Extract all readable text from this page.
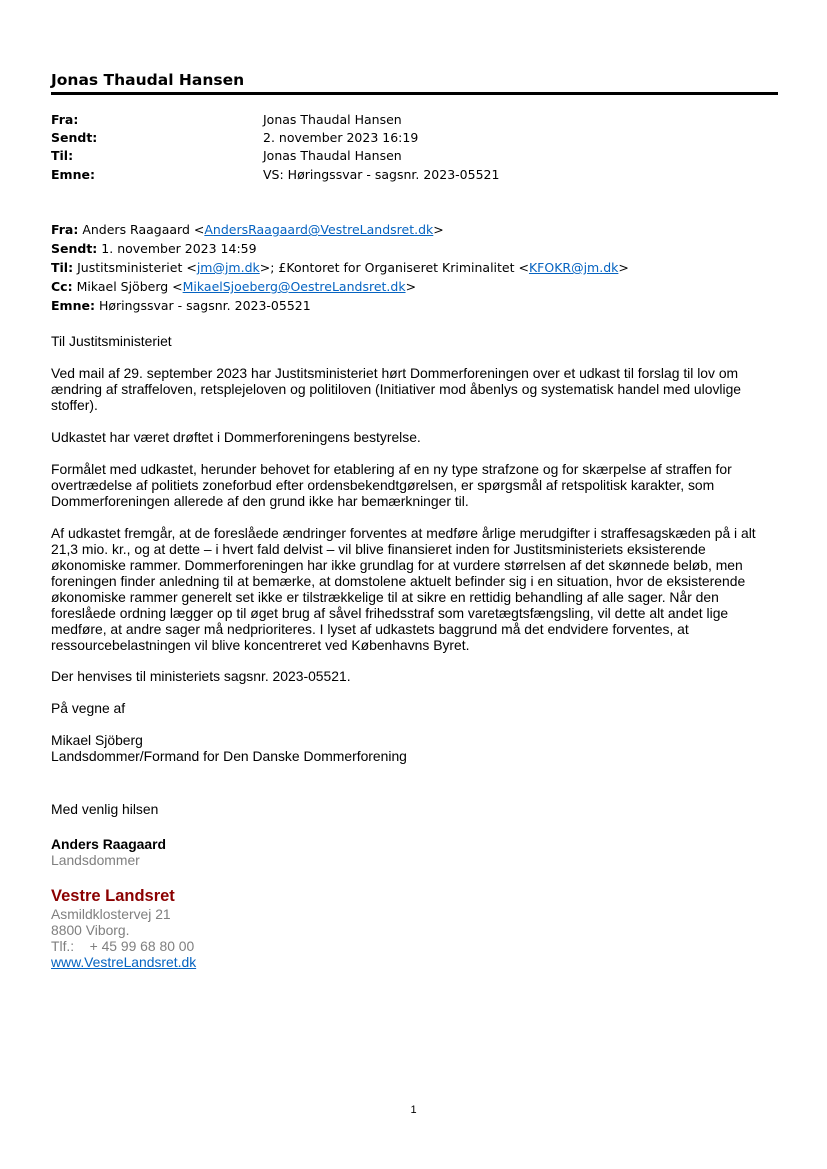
Jonas Thaudal Hansen
Fra:	Jonas Thaudal Hansen
Sendt:	2. november 2023 16:19
Til:	Jonas Thaudal Hansen
Emne:	VS: Høringssvar - sagsnr. 2023-05521
Fra: Anders Raagaard <AndersRaagaard@VestreLandsret.dk>
Sendt: 1. november 2023 14:59
Til: Justitsministeriet <jm@jm.dk>; £Kontoret for Organiseret Kriminalitet <KFOKR@jm.dk>
Cc: Mikael Sjöberg <MikaelSjoeberg@OestreLandsret.dk>
Emne: Høringssvar - sagsnr. 2023-05521
Til Justitsministeriet
Ved mail af 29. september 2023 har Justitsministeriet hørt Dommerforeningen over et udkast til forslag til lov om ændring af straffeloven, retsplejeloven og politiloven (Initiativer mod åbenlys og systematisk handel med ulovlige stoffer).
Udkastet har været drøftet i Dommerforeningens bestyrelse.
Formålet med udkastet, herunder behovet for etablering af en ny type strafzone og for skærpelse af straffen for overtrædelse af politiets zoneforbud efter ordensbekendtgørelsen, er spørgsmål af retspolitisk karakter, som Dommerforeningen allerede af den grund ikke har bemærkninger til.
Af udkastet fremgår, at de foreslåede ændringer forventes at medføre årlige merudgifter i straffesagskæden på i alt 21,3 mio. kr., og at dette – i hvert fald delvist – vil blive finansieret inden for Justitsministeriets eksisterende økonomiske rammer. Dommerforeningen har ikke grundlag for at vurdere størrelsen af det skønnede beløb, men foreningen finder anledning til at bemærke, at domstolene aktuelt befinder sig i en situation, hvor de eksisterende økonomiske rammer generelt set ikke er tilstrækkelige til at sikre en rettidig behandling af alle sager. Når den foreslåede ordning lægger op til øget brug af såvel frihedsstraf som varetægtsfængsling, vil dette alt andet lige medføre, at andre sager må nedprioriteres. I lyset af udkastets baggrund må det endvidere forventes, at ressourcebelastningen vil blive koncentreret ved Københavns Byret.
Der henvises til ministeriets sagsnr. 2023-05521.
På vegne af
Mikael Sjöberg
Landsdommer/Formand for Den Danske Dommerforening
Med venlig hilsen
Anders Raagaard
Landsdommer
Vestre Landsret
Asmildklostervej 21
8800 Viborg.
Tlf.: + 45 99 68 80 00
www.VestreLandsret.dk
1
